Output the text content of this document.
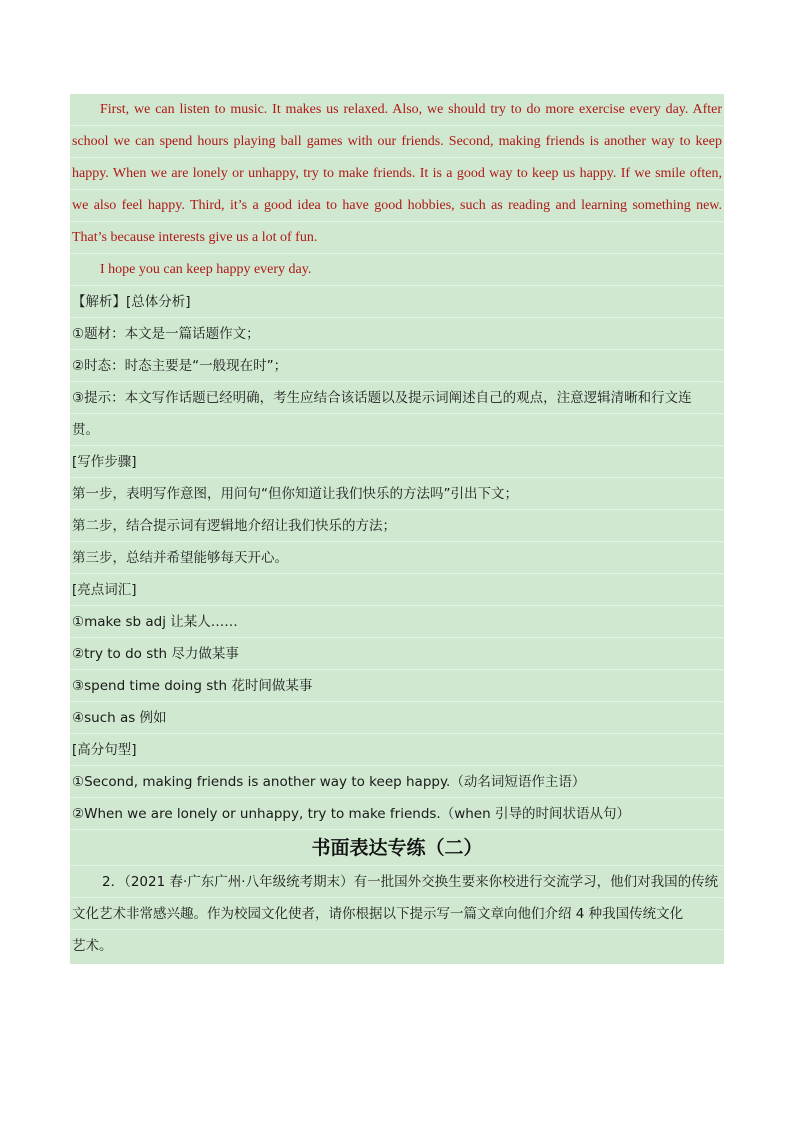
First, we can listen to music. It makes us relaxed. Also, we should try to do more exercise every day. After
school we can spend hours playing ball games with our friends. Second, making friends is another way to keep
happy. When we are lonely or unhappy, try to make friends. It is a good way to keep us happy. If we smile often,
we also feel happy. Third, it’s a good idea to have good hobbies, such as reading and learning something new.
That’s because interests give us a lot of fun.
I hope you can keep happy every day.
【解析】[总体分析]
①题材：本文是一篇话题作文；
②时态：时态主要是“一般现在时”；
③提示：本文写作话题已经明确，考生应结合该话题以及提示词阐述自己的观点，注意逻辑清晰和行文连
贯。
[写作步骤]
第一步，表明写作意图，用问句“但你知道让我们快乐的方法吗”引出下文；
第二步，结合提示词有逻辑地介绍让我们快乐的方法；
第三步，总结并希望能够每天开心。
[亮点词汇]
①make sb adj 让某人……
②try to do sth 尽力做某事
③spend time doing sth 花时间做某事
④such as 例如
[高分句型]
①Second, making friends is another way to keep happy.（动名词短语作主语）
②When we are lonely or unhappy, try to make friends.（when 引导的时间状语从句）
书面表达专练（二）
2．（2021 春·广东广州·八年级统考期末）有一批国外交换生要来你校进行交流学习，他们对我国的传统
文化艺术非常感兴趣。作为校园文化使者，请你根据以下提示写一篇文章向他们介绍 4 种我国传统文化
艺术。
